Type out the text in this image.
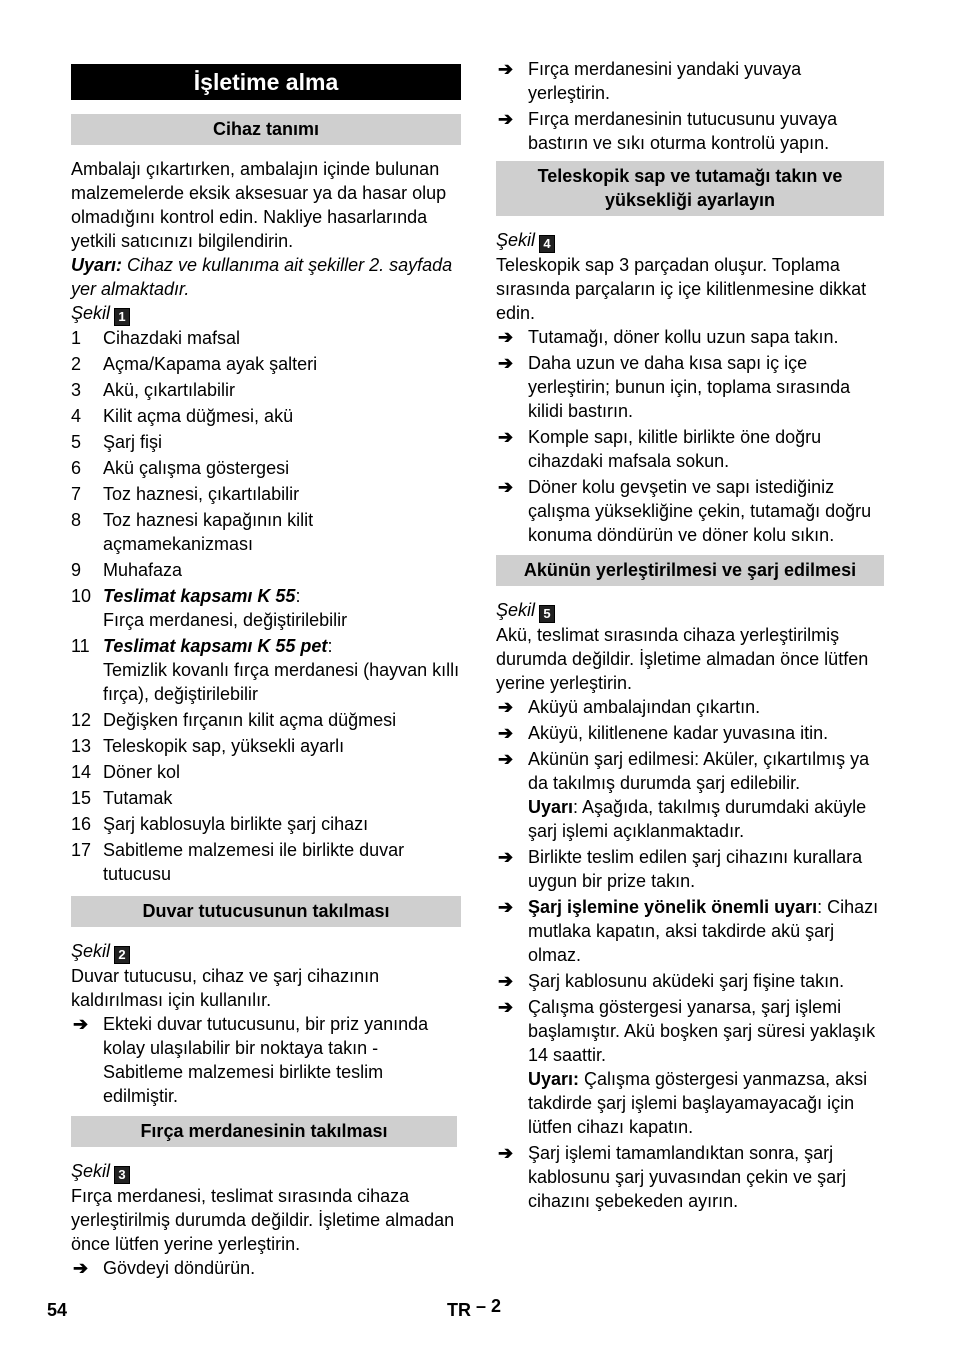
İşletime alma
Cihaz tanımı

Ambalajı çıkartırken, ambalajın içinde bulunan malzemelerde eksik aksesuar ya da hasar olup olmadığını kontrol edin. Nakliye hasarlarında yetkili satıcınızı bilgilendirin.

Uyarı: Cihaz ve kullanıma ait şekiller 2. sayfada yer almaktadır.

Şekil 1

1 Cihazdaki mafsal
2 Açma/Kapama ayak şalteri
3 Akü, çıkartılabilir
4 Kilit açma düğmesi, akü
5 Şarj fişi
6 Akü çalışma göstergesi
7 Toz haznesi, çıkartılabilir
8 Toz haznesi kapağının kilit açmamekanizması
9 Muhafaza
10 Teslimat kapsamı K 55:
Fırça merdanesi, değiştirilebilir
11 Teslimat kapsamı K 55 pet:
Temizlik kovanlı fırça merdanesi (hayvan kıllı fırça), değiştirilebilir
12 Değişken fırçanın kilit açma düğmesi
13 Teleskopik sap, yüksekli ayarlı
14 Döner kol
15 Tutamak
16 Şarj kablosuyla birlikte şarj cihazı
17 Sabitleme malzemesi ile birlikte duvar tutucusu
Duvar tutucusunun takılması

Şekil 2

Duvar tutucusu, cihaz ve şarj cihazının kaldırılması için kullanılır.

➔ Ekteki duvar tutucusunu, bir priz yanında kolay ulaşılabilir bir noktaya takın - Sabitleme malzemesi birlikte teslim edilmiştir.
Fırça merdanesinin takılması

Şekil 3

Fırça merdanesi, teslimat sırasında cihaza yerleştirilmiş durumda değildir. İşletime almadan önce lütfen yerine yerleştirin.

➔ Gövdeyi döndürün.
➔ Fırça merdanesini yandaki yuvaya yerleştirin.
➔ Fırça merdanesinin tutucusunu yuvaya bastırın ve sıkı oturma kontrolü yapın.
Teleskopik sap ve tutamağı takın ve yüksekliği ayarlayın

Şekil 4

Teleskopik sap 3 parçadan oluşur. Toplama sırasında parçaların iç içe kilitlenmesine dikkat edin.

➔ Tutamağı, döner kollu uzun sapa takın.
➔ Daha uzun ve daha kısa sapı iç içe yerleştirin; bunun için, toplama sırasında kilidi bastırın.
➔ Komple sapı, kilitle birlikte öne doğru cihazdaki mafsala sokun.
➔ Döner kolu gevşetin ve sapı istediğiniz çalışma yüksekliğine çekin, tutamağı doğru konuma döndürün ve döner kolu sıkın.
Akünün yerleştirilmesi ve şarj edilmesi

Şekil 5

Akü, teslimat sırasında cihaza yerleştirilmiş durumda değildir. İşletime almadan önce lütfen yerine yerleştirin.

➔ Aküyü ambalajından çıkartın.
➔ Aküyü, kilitlenene kadar yuvasına itin.
➔ Akünün şarj edilmesi: Aküler, çıkartılmış ya da takılmış durumda şarj edilebilir.
Uyarı: Aşağıda, takılmış durumdaki aküyle şarj işlemi açıklanmaktadır.
➔ Birlikte teslim edilen şarj cihazını kurallara uygun bir prize takın.
➔ Şarj işlemine yönelik önemli uyarı: Cihazı mutlaka kapatın, aksi takdirde akü şarj olmaz.
➔ Şarj kablosunu aküdeki şarj fişine takın.
➔ Çalışma göstergesi yanarsa, şarj işlemi başlamıştır. Akü boşken şarj süresi yaklaşık 14 saattir.
Uyarı: Çalışma göstergesi yanmazsa, aksi takdirde şarj işlemi başlayamayacağı için lütfen cihazı kapatın.
➔ Şarj işlemi tamamlandıktan sonra, şarj kablosunu şarj yuvasından çekin ve şarj cihazını şebekeden ayırın.
54	TR – 2
